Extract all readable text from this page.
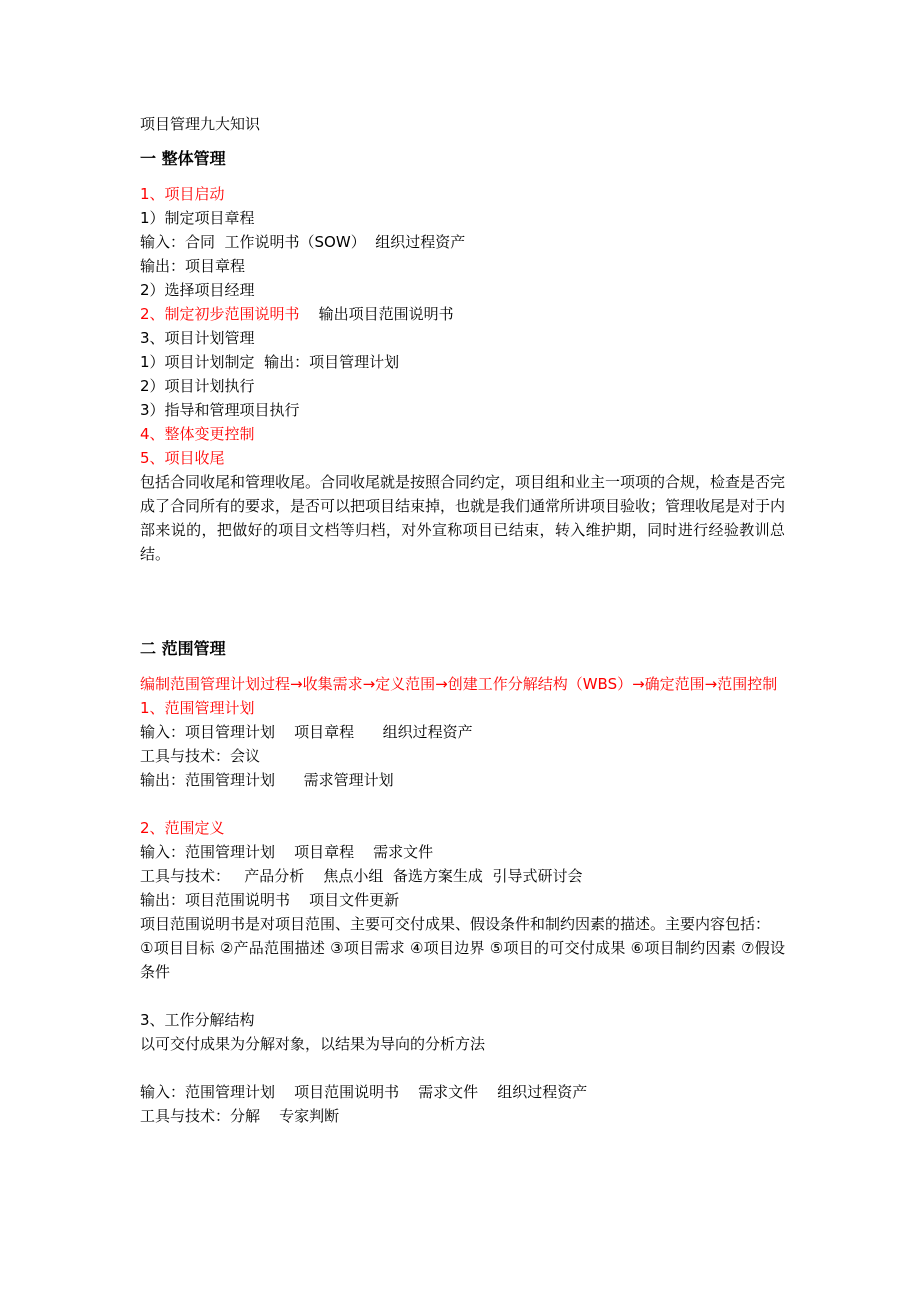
项目管理九大知识

一 整体管理

1、项目启动

1）制定项目章程

输入：合同  工作说明书（SOW）  组织过程资产

输出：项目章程

2）选择项目经理

2、制定初步范围说明书    输出项目范围说明书

3、项目计划管理

1）项目计划制定  输出：项目管理计划

2）项目计划执行

3）指导和管理项目执行

4、整体变更控制

5、项目收尾

包括合同收尾和管理收尾。合同收尾就是按照合同约定，项目组和业主一项项的合规，检查是否完成了合同所有的要求，是否可以把项目结束掉，也就是我们通常所讲项目验收；管理收尾是对于内部来说的，把做好的项目文档等归档，对外宣称项目已结束，转入维护期，同时进行经验教训总结。

二 范围管理

编制范围管理计划过程→收集需求→定义范围→创建工作分解结构（WBS）→确定范围→范围控制

1、范围管理计划

输入：项目管理计划    项目章程      组织过程资产

工具与技术：会议

输出：范围管理计划      需求管理计划

2、范围定义

输入：范围管理计划    项目章程    需求文件

工具与技术：   产品分析    焦点小组  备选方案生成  引导式研讨会

输出：项目范围说明书    项目文件更新

项目范围说明书是对项目范围、主要可交付成果、假设条件和制约因素的描述。主要内容包括：

①项目目标 ②产品范围描述 ③项目需求 ④项目边界 ⑤项目的可交付成果 ⑥项目制约因素 ⑦假设条件

3、工作分解结构

以可交付成果为分解对象，以结果为导向的分析方法

输入：范围管理计划    项目范围说明书    需求文件    组织过程资产

工具与技术：分解    专家判断
